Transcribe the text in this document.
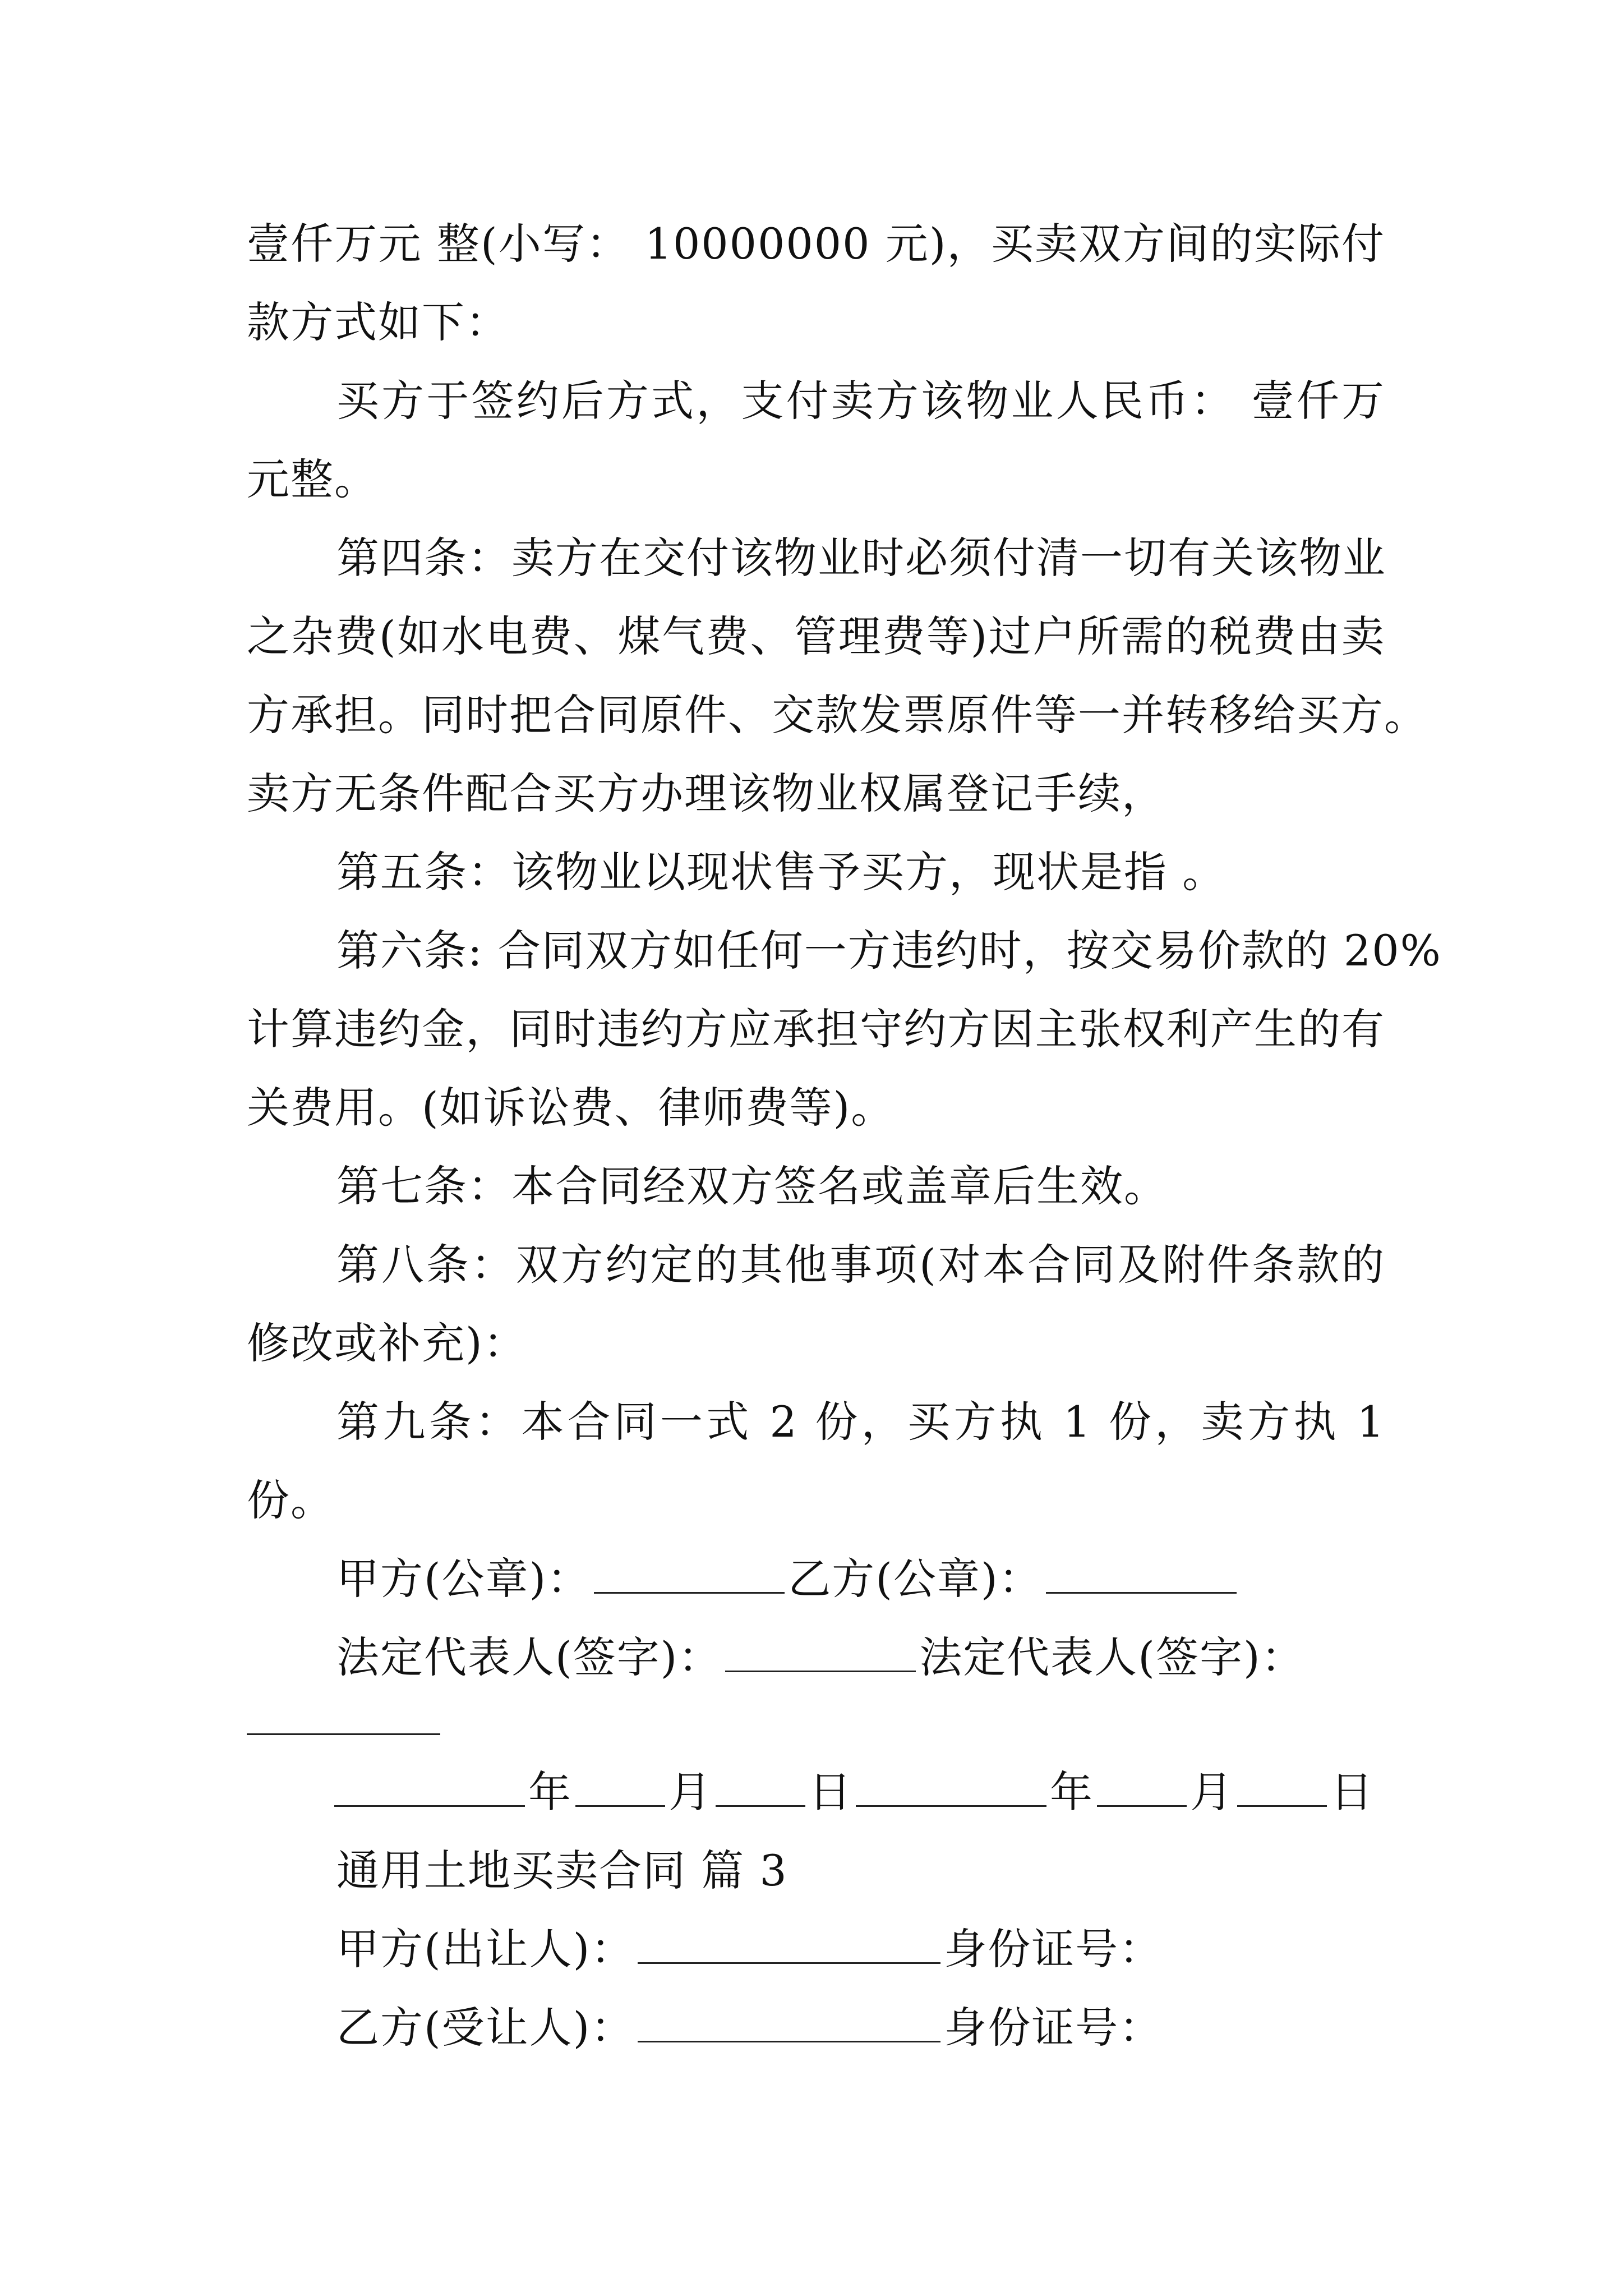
壹仟万元 整(小写： 10000000 元)，买卖双方间的实际付
款方式如下：
买方于签约后方式，支付卖方该物业人民币： 壹仟万
元整。
第四条：卖方在交付该物业时必须付清一切有关该物业
之杂费(如水电费、煤气费、管理费等)过户所需的税费由卖
方承担。同时把合同原件、交款发票原件等一并转移给买方。
卖方无条件配合买方办理该物业权属登记手续，
第五条：该物业以现状售予买方，现状是指 。
第六条: 合同双方如任何一方违约时，按交易价款的 20%
计算违约金，同时违约方应承担守约方因主张权利产生的有
关费用。(如诉讼费、律师费等)。
第七条：本合同经双方签名或盖章后生效。
第八条：双方约定的其他事项(对本合同及附件条款的
修改或补充)：
第九条：本合同一式 2 份，买方执 1 份，卖方执 1
份。
甲方(公章)：	乙方(公章)：
法定代表人(签字)：	法定代表人(签字)：
年 月 日	年 月 日
通用土地买卖合同 篇 3
甲方(出让人)：	身份证号：
乙方(受让人)：	身份证号：
